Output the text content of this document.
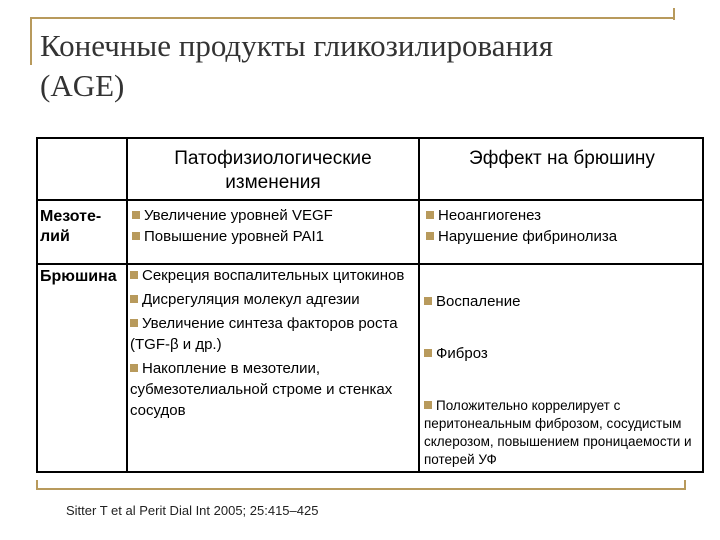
Конечные продукты гликозилирования
(AGE)
Патофизиологические изменения
Эффект на брюшину
Мезоте-лий

Увеличение уровней VEGF

Повышение уровней PAI1

Неоангиогенез

Нарушение фибринолиза

Брюшина	Секреция воспалительных цитокинов

Дисрегуляция молекул адгезии

Увеличение синтеза факторов роста (TGF-β и др.)

Накопление в мезотелии, субмезотелиальной строме и стенках сосудов

Воспаление

Фиброз

Положительно коррелирует с перитонеальным фиброзом, сосудистым склерозом, повышением проницаемости и потерей УФ

Sitter T et al Perit Dial Int 2005; 25:415–425
